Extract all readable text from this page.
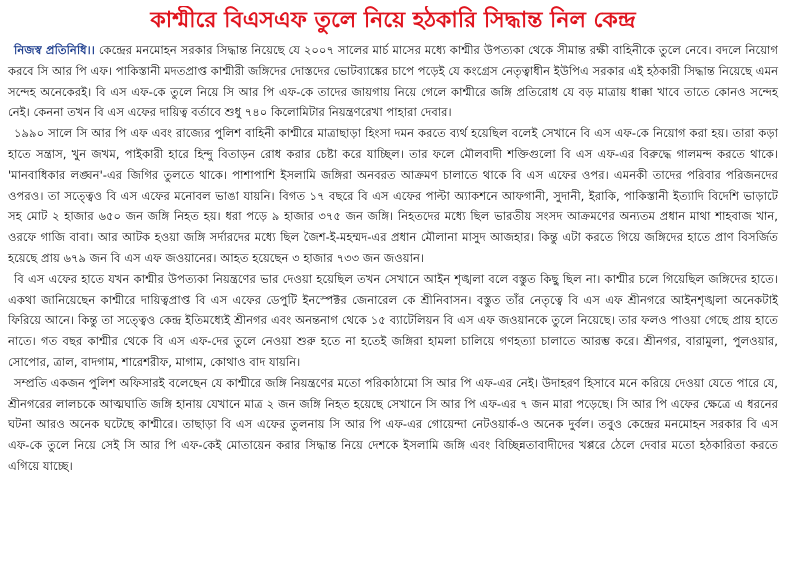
কাশ্মীরে বিএসএফ তুলে নিয়ে হঠকারি সিদ্ধান্ত নিল কেন্দ্র

নিজস্ব প্রতিনিধি।। কেন্দ্রের মনমোহন সরকার সিদ্ধান্ত নিয়েছে যে ২০০৭ সালের মার্চ মাসের মধ্যে কাশ্মীর উপত্যকা থেকে সীমান্ত রক্ষী বাহিনীকে তুলে নেবে। বদলে নিয়োগ করবে সি আর পি এফ। পাকিস্তানী মদতপ্রাপ্ত কাশ্মীরী জঙ্গিদের দোস্তদের ভোটব্যাঙ্কের চাপে পড়েই যে কংগ্রেস নেতৃত্বাধীন ইউপিএ সরকার এই হঠকারী সিদ্ধান্ত নিয়েছে এমন সন্দেহ অনেকেরই। বি এস এফ-কে তুলে নিয়ে সি আর পি এফ-কে তাদের জায়গায় নিয়ে গেলে কাশ্মীরে জঙ্গি প্রতিরোধ যে বড় মাত্রায় ধাক্কা খাবে তাতে কোনও সন্দেহ নেই। কেননা তখন বি এস এফের দায়িত্ব বর্তাবে শুধু ৭৪০ কিলোমিটার নিয়ন্ত্রণরেখা পাহারা দেবার।

১৯৯০ সালে সি আর পি এফ এবং রাজ্যের পুলিশ বাহিনী কাশ্মীরে মাত্রাছাড়া হিংসা দমন করতে ব্যর্থ হয়েছিল বলেই সেখানে বি এস এফ-কে নিয়োগ করা হয়। তারা কড়া হাতে সন্ত্রাস, খুন জখম, পাইকারী হারে হিন্দু বিতাড়ন রোধ করার চেষ্টা করে যাচ্ছিল। তার ফলে মৌলবাদী শক্তিগুলো বি এস এফ-এর বিরুদ্ধে গালমন্দ করতে থাকে। 'মানবাধিকার লঙ্ঘন'-এর জিগির তুলতে থাকে। পাশাপাশি ইসলামি জঙ্গিরা অনবরত আক্রমণ চালাতে থাকে বি এস এফের ওপর। এমনকী তাদের পরিবার পরিজনদের ওপরও। তা সত্ত্বেও বি এস এফের মনোবল ভাঙা যায়নি। বিগত ১৭ বছরে বি এস এফের পাল্টা অ্যাকশনে আফগানী, সুদানী, ইরাকি, পাকিস্তানী ইত্যাদি বিদেশি ভাড়াটে সহ মোট ২ হাজার ৬৫০ জন জঙ্গি নিহত হয়। ধরা পড়ে ৯ হাজার ৩৭৫ জন জঙ্গি। নিহতদের মধ্যে ছিল ভারতীয় সংসদ আক্রমণের অন্যতম প্রধান মাথা শাহবাজ খান, ওরফে গাজি বাবা। আর আটক হওয়া জঙ্গি সর্দারদের মধ্যে ছিল জৈশ-ই-মহম্মদ-এর প্রধান মৌলানা মাসুদ আজহার। কিন্তু এটা করতে গিয়ে জঙ্গিদের হাতে প্রাণ বিসর্জিত হয়েছে প্রায় ৬৭৯ জন বি এস এফ জওয়ানের। আহত হয়েছেন ৩ হাজার ৭৩৩ জন জওয়ান।

বি এস এফের হাতে যখন কাশ্মীর উপত্যকা নিয়ন্ত্রণের ভার দেওয়া হয়েছিল তখন সেখানে আইন শৃঙ্খলা বলে বস্তুত কিছু ছিল না। কাশ্মীর চলে গিয়েছিল জঙ্গিদের হাতে। একথা জানিয়েছেন কাশ্মীরে দায়িত্বপ্রাপ্ত বি এস এফের ডেপুটি ইনস্পেক্টর জেনারেল কে শ্রীনিবাসন। বস্তুত তাঁর নেতৃত্বে বি এস এফ শ্রীনগরে আইনশৃঙ্খলা অনেকটাই ফিরিয়ে আনে। কিন্তু তা সত্ত্বেও কেন্দ্র ইতিমধ্যেই শ্রীনগর এবং অনন্তনাগ থেকে ১৫ ব্যাটেলিয়ন বি এস এফ জওয়ানকে তুলে নিয়েছে। তার ফলও পাওয়া গেছে প্রায় হাতে নাতে। গত বছর কাশ্মীর থেকে বি এস এফ-দের তুলে নেওয়া শুরু হতে না হতেই জঙ্গিরা হামলা চালিয়ে গণহত্যা চালাতে আরম্ভ করে। শ্রীনগর, বারামুলা, পুলওয়ার, সোপোর, ত্রাল, বাদগাম, শারেশরীফ, মাগাম, কোথাও বাদ যায়নি।

সম্প্রতি একজন পুলিশ অফিসারই বলেছেন যে কাশ্মীরে জঙ্গি নিয়ন্ত্রণের মতো পরিকাঠামো সি আর পি এফ-এর নেই। উদাহরণ হিসাবে মনে করিয়ে দেওয়া যেতে পারে যে, শ্রীনগরের লালচকে আত্মঘাতি জঙ্গি হানায় যেখানে মাত্র ২ জন জঙ্গি নিহত হয়েছে সেখানে সি আর পি এফ-এর ৭ জন মারা পড়েছে। সি আর পি এফের ক্ষেত্রে এ ধরনের ঘটনা আরও অনেক ঘটেছে কাশ্মীরে। তাছাড়া বি এস এফের তুলনায় সি আর পি এফ-এর গোয়েন্দা নেটওয়ার্ক-ও অনেক দুর্বল। তবুও কেন্দ্রের মনমোহন সরকার বি এস এফ-কে তুলে নিয়ে সেই সি আর পি এফ-কেই মোতায়েন করার সিদ্ধান্ত নিয়ে দেশকে ইসলামি জঙ্গি এবং বিচ্ছিন্নতাবাদীদের খপ্পরে ঠেলে দেবার মতো হঠকারিতা করতে এগিয়ে যাচ্ছে।
